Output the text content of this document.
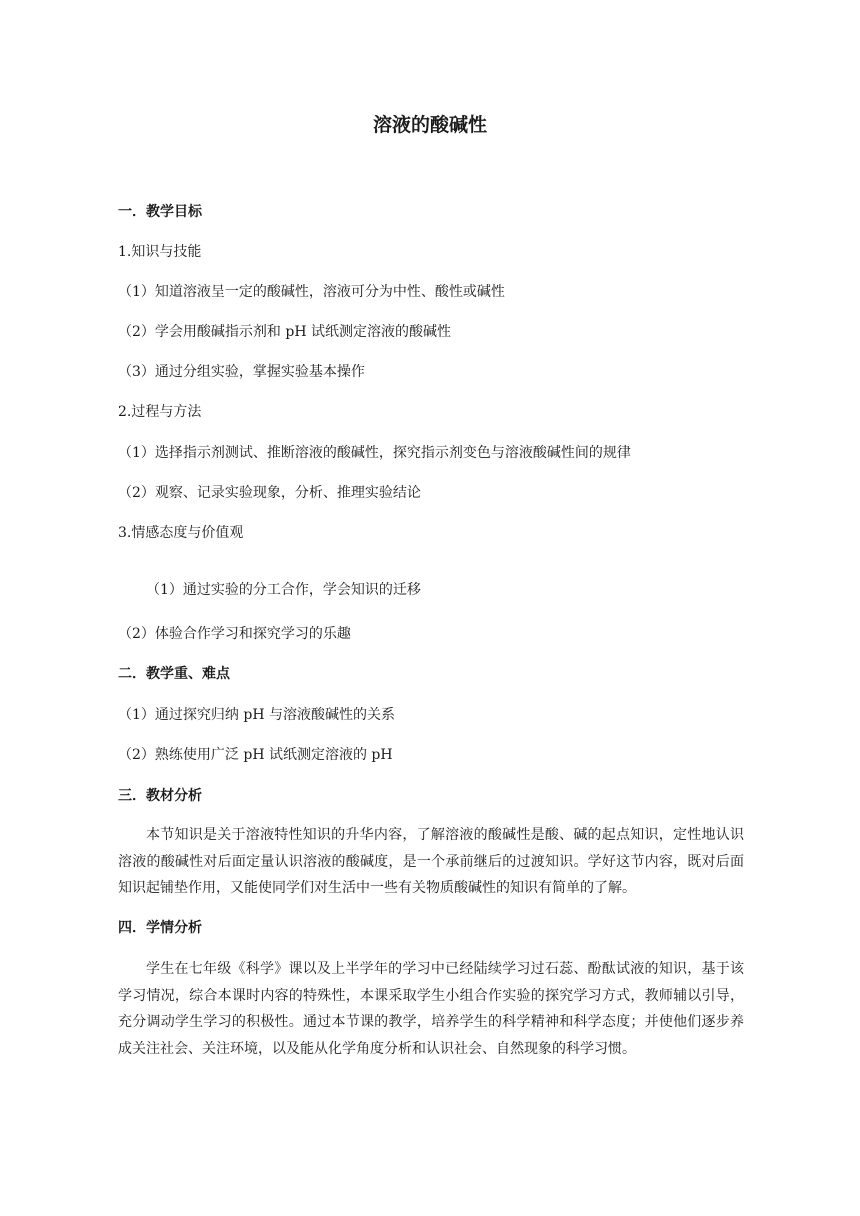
溶液的酸碱性
一．教学目标
1.知识与技能
（1）知道溶液呈一定的酸碱性，溶液可分为中性、酸性或碱性
（2）学会用酸碱指示剂和 pH 试纸测定溶液的酸碱性
（3）通过分组实验，掌握实验基本操作
2.过程与方法
（1）选择指示剂测试、推断溶液的酸碱性，探究指示剂变色与溶液酸碱性间的规律
（2）观察、记录实验现象，分析、推理实验结论
3.情感态度与价值观
（1）通过实验的分工合作，学会知识的迁移
（2）体验合作学习和探究学习的乐趣
二．教学重、难点
（1）通过探究归纳 pH 与溶液酸碱性的关系
（2）熟练使用广泛 pH 试纸测定溶液的 pH
三．教材分析
本节知识是关于溶液特性知识的升华内容，了解溶液的酸碱性是酸、碱的起点知识，定性地认识溶液的酸碱性对后面定量认识溶液的酸碱度，是一个承前继后的过渡知识。学好这节内容，既对后面知识起铺垫作用，又能使同学们对生活中一些有关物质酸碱性的知识有简单的了解。
四．学情分析
学生在七年级《科学》课以及上半学年的学习中已经陆续学习过石蕊、酚酞试液的知识，基于该学习情况，综合本课时内容的特殊性，本课采取学生小组合作实验的探究学习方式，教师辅以引导，充分调动学生学习的积极性。通过本节课的教学，培养学生的科学精神和科学态度；并使他们逐步养成关注社会、关注环境，以及能从化学角度分析和认识社会、自然现象的科学习惯。
